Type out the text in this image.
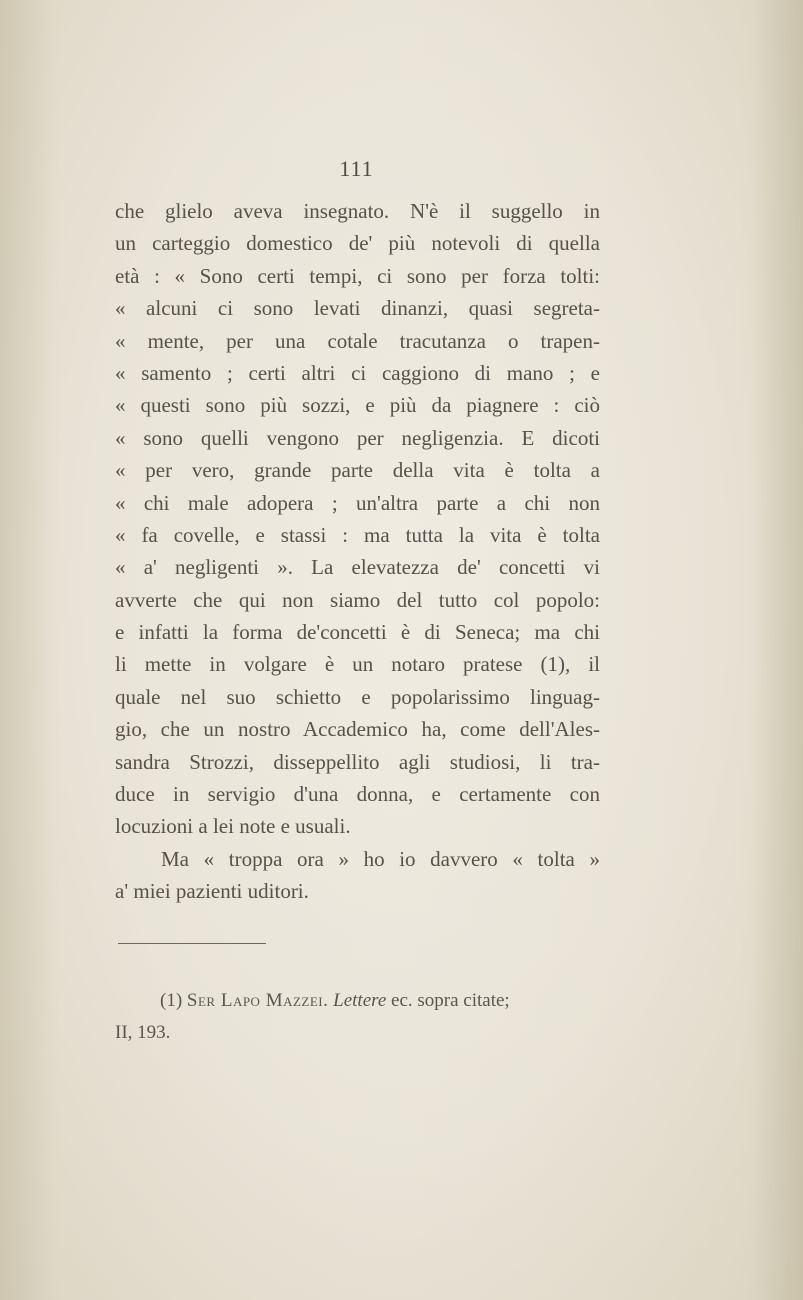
111
che glielo aveva insegnato. N'è il suggello in
un carteggio domestico de' più notevoli di quella
età : « Sono certi tempi, ci sono per forza tolti:
« alcuni ci sono levati dinanzi, quasi segreta-
« mente, per una cotale tracutanza o trapen-
« samento ; certi altri ci caggiono di mano ; e
« questi sono più sozzi, e più da piagnere : ciò
« sono quelli vengono per negligenzia. E dicoti
« per vero, grande parte della vita è tolta a
« chi male adopera ; un'altra parte a chi non
« fa covelle, e stassi : ma tutta la vita è tolta
« a' negligenti ». La elevatezza de' concetti vi
avverte che qui non siamo del tutto col popolo:
e infatti la forma de'concetti è di Seneca; ma chi
li mette in volgare è un notaro pratese (1), il
quale nel suo schietto e popolarissimo linguag-
gio, che un nostro Accademico ha, come dell'Ales-
sandra Strozzi, disseppellito agli studiosi, li tra-
duce in servigio d'una donna, e certamente con
locuzioni a lei note e usuali.
Ma « troppa ora » ho io davvero « tolta »
a' miei pazienti uditori.
(1) Ser Lapo Mazzei. Lettere ec. sopra citate;
II, 193.
